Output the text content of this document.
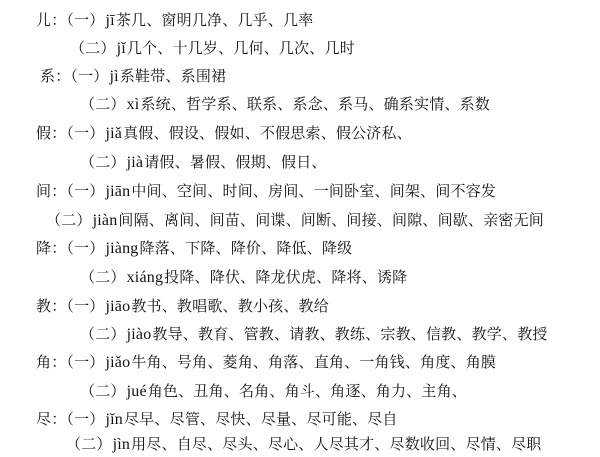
儿：（一）jī茶几、窗明几净、几乎、几率
（二）jǐ几个、十几岁、几何、几次、几时
系：（一）jì系鞋带、系围裙
（二）xì系统、哲学系、联系、系念、系马、确系实情、系数
假：（一）jiǎ真假、假设、假如、不假思索、假公济私、
（二）jià请假、暑假、假期、假日、
间：（一）jiān中间、空间、时间、房间、一间卧室、间架、间不容发
（二）jiàn间隔、离间、间苗、间谍、间断、间接、间隙、间歇、亲密无间
降：（一）jiàng降落、下降、降价、降低、降级
（二）xiáng投降、降伏、降龙伏虎、降将、诱降
教：（一）jiāo教书、教唱歌、教小孩、教给
（二）jiào教导、教育、管教、请教、教练、宗教、信教、教学、教授
角：（一）jiǎo牛角、号角、菱角、角落、直角、一角钱、角度、角膜
（二）jué角色、丑角、名角、角斗、角逐、角力、主角、
尽：（一）jǐn尽早、尽管、尽快、尽量、尽可能、尽自
（二）jìn用尽、自尽、尽头、尽心、人尽其才、尽数收回、尽情、尽职
